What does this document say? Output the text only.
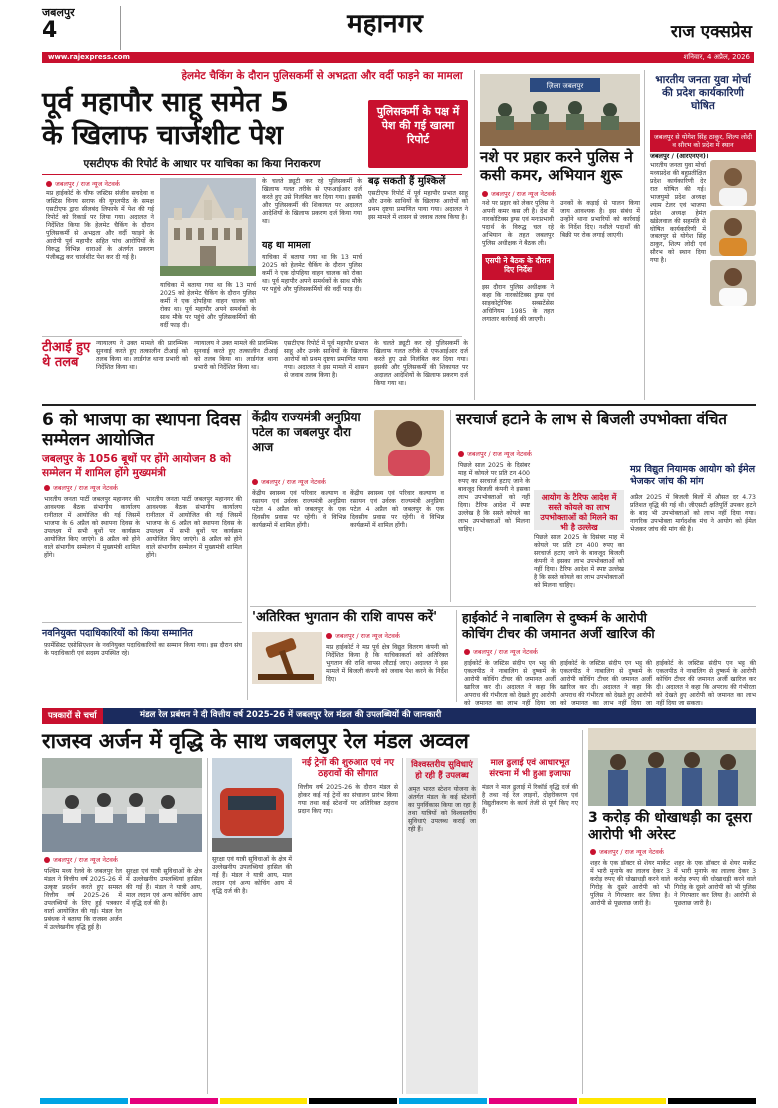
जबलपुर
4	महानगर	राज एक्सप्रेस
www.rajexpress.com	शनिवार, 4 अप्रैल, 2026
हेलमेट चैकिंग के दौरान पुलिसकर्मी से अभद्रता और वर्दी फाड़ने का मामला
पूर्व महापौर साहू समेत 5
के खिलाफ चार्जशीट पेश
पुलिसकर्मी के पक्ष में पेश की गई खात्मा रिपोर्ट
एसटीएफ की रिपोर्ट के आधार पर याचिका का किया निराकरण
जबलपुर / राज न्यूज नेटवर्क
मप्र हाईकोर्ट के चीफ जस्टिस संजीव सचदेवा व जस्टिस विनय सराफ की युगलपीठ के समक्ष एसटीएफ द्वारा सीलबंद लिफाफे में पेश की गई रिपोर्ट को रिकार्ड पर लिया गया। अदालत ने निर्देशित किया कि हेलमेट चैकिंग के दौरान पुलिसकर्मी से अभद्रता और वर्दी फाड़ने के आरोपी पूर्व महापौर सहित पांच आरोपियों के विरुद्ध विभिन्न धाराओं के अंतर्गत प्रकरण पंजीबद्ध कर चार्जशीट पेश कर दी गई है।
याचिका में बताया गया था कि 13 मार्च 2025 को हेलमेट चैकिंग के दौरान पुलिस कर्मी ने एक दोपहिया वाहन चालक को रोका था। पूर्व महापौर अपने समर्थकों के साथ मौके पर पहुंचे और पुलिसकर्मियों की वर्दी फाड़ दी।
के चलते ड्यूटी कर रहे पुलिसकर्मी के खिलाफ गलत तरीके से एफआईआर दर्ज करते हुए उसे निलंबित कर दिया गया। इसकी और पुलिसकर्मी की शिकायत पर अदालत आदेशियों के खिलाफ प्रकरण दर्ज किया गया था।
यह था मामला
याचिका में बताया गया था कि 13 मार्च 2025 को हेलमेट चैकिंग के दौरान पुलिस कर्मी ने एक दोपहिया वाहन चालक को रोका था। पूर्व महापौर अपने समर्थकों के साथ मौके पर पहुंचे और पुलिसकर्मियों की वर्दी फाड़ दी।
बढ़ सकती हैं मुश्किलें
एसटीएफ रिपोर्ट में पूर्व महापौर प्रभात साहू और उनके साथियों के खिलाफ आरोपों को प्रथम दृष्टया प्रमाणित पाया गया। अदालत ने इस मामले में शासन से जवाब तलब किया है।
टीआई हुए थे तलब
न्यायालय ने उक्त मामले की प्रारम्भिक सुनवाई करते हुए तत्कालीन टीआई को तलब किया था। लार्डगंज थाना प्रभारी को निर्देशित किया था।
न्यायालय ने उक्त मामले की प्रारम्भिक सुनवाई करते हुए तत्कालीन टीआई को तलब किया था। लार्डगंज थाना प्रभारी को निर्देशित किया था।
एसटीएफ रिपोर्ट में पूर्व महापौर प्रभात साहू और उनके साथियों के खिलाफ आरोपों को प्रथम दृष्टया प्रमाणित पाया गया। अदालत ने इस मामले में शासन से जवाब तलब किया है।
के चलते ड्यूटी कर रहे पुलिसकर्मी के खिलाफ गलत तरीके से एफआईआर दर्ज करते हुए उसे निलंबित कर दिया गया। इसकी और पुलिसकर्मी की शिकायत पर अदालत आदेशियों के खिलाफ प्रकरण दर्ज किया गया था।
ज़िला जबलपुर
नशे पर प्रहार करने पुलिस ने कसी कमर, अभियान शुरू
जबलपुर / राज न्यूज नेटवर्क
नशे पर प्रहार को लेकर पुलिस ने अपनी कमर कस ली है। देश में नारकोटिक्स ड्रग्स एवं मनःप्रभावी पदार्थ के विरुद्ध चल रहे अभियान के तहत जबलपुर पुलिस अधीक्षक ने बैठक ली।
एसपी ने बैठक के दौरान दिए निर्देश
इस दौरान पुलिस अधीक्षक ने कहा कि नारकोटिक्स ड्रग्स एवं साइकोट्रोपिक सब्सटेंसेस अधिनियम 1985 के तहत लगातार कार्रवाई की जाएगी।
उनकों के कड़ाई से पालन किया जाय आवश्यक है। इस संबंध में उन्होंने थाना प्रभारियों को कार्रवाई के निर्देश दिए। नशीले पदार्थों की बिक्री पर रोक लगाई जाएगी।
भारतीय जनता युवा मोर्चा की प्रदेश कार्यकारिणी घोषित
जबलपुर से योगेश सिंह ठाकुर, शिल्प लोदी व सौरभ को प्रदेश में स्थान
जबलपुर / (आरएनएन)।
भारतीय जनता युवा मोर्चा मध्यप्रदेश की बहुप्रतीक्षित प्रदेश कार्यकारिणी देर रात घोषित की गई। भाजयुमो प्रदेश अध्यक्ष श्याम टेलर एवं भाजपा प्रदेश अध्यक्ष हेमंत खंडेलवाल की सहमति से घोषित कार्यकारिणी में जबलपुर से योगेश सिंह ठाकुर, शिल्प लोदी एवं सौरभ को स्थान दिया गया है।
6 को भाजपा का स्थापना दिवस सम्मेलन आयोजित
जबलपुर के 1056 बूथों पर होंगे आयोजन 8 को सम्मेलन में शामिल होंगे मुख्यमंत्री
जबलपुर / राज न्यूज नेटवर्क
भारतीय जनता पार्टी जबलपुर महानगर की आवश्यक बैठक संभागीय कार्यालय रानीताल में आयोजित की गई जिसमें भाजपा के 6 अप्रैल को स्थापना दिवस के उपलक्ष्य में सभी बूथों पर कार्यक्रम आयोजित किए जाएंगे। 8 अप्रैल को होने वाले संभागीय सम्मेलन में मुख्यमंत्री शामिल होंगे।
भारतीय जनता पार्टी जबलपुर महानगर की आवश्यक बैठक संभागीय कार्यालय रानीताल में आयोजित की गई जिसमें भाजपा के 6 अप्रैल को स्थापना दिवस के उपलक्ष्य में सभी बूथों पर कार्यक्रम आयोजित किए जाएंगे। 8 अप्रैल को होने वाले संभागीय सम्मेलन में मुख्यमंत्री शामिल होंगे।
नवनियुक्त पदाधिकारियों को किया सम्मानित
फ़ार्मेसिस्ट एसोसिएशन के नवनियुक्त पदाधिकारियों का सम्मान किया गया। इस दौरान संघ के पदाधिकारी एवं सदस्य उपस्थित रहे।
केंद्रीय राज्यमंत्री अनुप्रिया पटेल का जबलपुर दौरा आज
जबलपुर / राज न्यूज नेटवर्क
केंद्रीय स्वास्थ्य एवं परिवार कल्याण व रसायन एवं उर्वरक राज्यमंत्री अनुप्रिया पटेल 4 अप्रैल को जबलपुर के एक दिवसीय प्रवास पर रहेंगी। वे विभिन्न कार्यक्रमों में शामिल होंगी।
केंद्रीय स्वास्थ्य एवं परिवार कल्याण व रसायन एवं उर्वरक राज्यमंत्री अनुप्रिया पटेल 4 अप्रैल को जबलपुर के एक दिवसीय प्रवास पर रहेंगी। वे विभिन्न कार्यक्रमों में शामिल होंगी।
सरचार्ज हटाने के लाभ से बिजली उपभोक्ता वंचित
जबलपुर / राज न्यूज नेटवर्क
पिछले साल 2025 के दिसंबर माह में कोयले पर प्रति टन 400 रुपए का सरचार्ज हटाए जाने के बावजूद बिजली कंपनी ने इसका लाभ उपभोक्ताओं को नहीं दिया। टैरिफ आदेश में स्पष्ट उल्लेख है कि सस्ते कोयले का लाभ उपभोक्ताओं को मिलना चाहिए।
आयोग के टैरिफ आदेश में सस्ते कोयले का लाभ उपभोक्ताओं को मिलने का भी है उल्लेख
पिछले साल 2025 के दिसंबर माह में कोयले पर प्रति टन 400 रुपए का सरचार्ज हटाए जाने के बावजूद बिजली कंपनी ने इसका लाभ उपभोक्ताओं को नहीं दिया। टैरिफ आदेश में स्पष्ट उल्लेख है कि सस्ते कोयले का लाभ उपभोक्ताओं को मिलना चाहिए।
मप्र विद्युत नियामक आयोग को ईमेल भेजकर जांच की मांग
अप्रैल 2025 में बिजली बिलों में औसत दर 4.73 प्रतिशत वृद्धि की गई थी। जीएसटी क्षतिपूर्ति उपकर हटने के बाद भी उपभोक्ताओं को लाभ नहीं दिया गया। नागरिक उपभोक्ता मार्गदर्शक मंच ने आयोग को ईमेल भेजकर जांच की मांग की है।
'अतिरिक्त भुगतान की राशि वापस करें'
जबलपुर / राज न्यूज नेटवर्क
मप्र हाईकोर्ट ने मप्र पूर्व क्षेत्र विद्युत वितरण कंपनी को निर्देशित किया है कि याचिकाकर्ता को अतिरिक्त भुगतान की राशि वापस लौटाई जाए। अदालत ने इस मामले में बिजली कंपनी को जवाब पेश करने के निर्देश दिए।
हाईकोर्ट ने नाबालिग से दुष्कर्म के आरोपी
कोचिंग टीचर की जमानत अर्जी खारिज की
जबलपुर / राज न्यूज नेटवर्क
हाईकोर्ट के जस्टिस संदीप एन भट्ट की एकलपीठ ने नाबालिग से दुष्कर्म के आरोपी कोचिंग टीचर की जमानत अर्जी खारिज कर दी। अदालत ने कहा कि अपराध की गंभीरता को देखते हुए आरोपी को जमानत का लाभ नहीं दिया जा
हाईकोर्ट के जस्टिस संदीप एन भट्ट की एकलपीठ ने नाबालिग से दुष्कर्म के आरोपी कोचिंग टीचर की जमानत अर्जी खारिज कर दी। अदालत ने कहा कि अपराध की गंभीरता को देखते हुए आरोपी को जमानत का लाभ नहीं दिया जा
हाईकोर्ट के जस्टिस संदीप एन भट्ट की एकलपीठ ने नाबालिग से दुष्कर्म के आरोपी कोचिंग टीचर की जमानत अर्जी खारिज कर दी। अदालत ने कहा कि अपराध की गंभीरता को देखते हुए आरोपी को जमानत का लाभ नहीं दिया जा सकता।
पत्रकारों से चर्चा	मंडल रेल प्रबंधन ने दी वित्तीय वर्ष 2025-26 में जबलपुर रेल मंडल की उपलब्धियों की जानकारी
राजस्व अर्जन में वृद्धि के साथ जबलपुर रेल मंडल अव्वल
जबलपुर / राज न्यूज नेटवर्क
पश्चिम मध्य रेलवे के जबलपुर रेल मंडल ने वित्तीय वर्ष 2025-26 में उत्कृष्ट प्रदर्शन करते हुए समस्त वित्तीय वर्ष 2025-26 में उपलब्धियों के लिए हुई पत्रकार वार्ता आयोजित की गई। मंडल रेल प्रबंधक ने बताया कि राजस्व अर्जन में उल्लेखनीय वृद्धि हुई है।
सुरक्षा एवं यात्री सुविधाओं के क्षेत्र में उल्लेखनीय उपलब्धियां हासिल की गई हैं। मंडल ने यात्री आय, माल लदान एवं अन्य कोचिंग आय में वृद्धि दर्ज की है।
सुरक्षा एवं यात्री सुविधाओं के क्षेत्र में उल्लेखनीय उपलब्धियां हासिल की गई हैं। मंडल ने यात्री आय, माल लदान एवं अन्य कोचिंग आय में वृद्धि दर्ज की है।
नई ट्रेनों की शुरुआत एवं नए ठहरावों की सौगात
वित्तीय वर्ष 2025-26 के दौरान मंडल से होकर कई नई ट्रेनों का संचालन प्रारंभ किया गया तथा कई स्टेशनों पर अतिरिक्त ठहराव प्रदान किए गए।
विश्वस्तरीय सुविधाएं हो रही हैं उपलब्ध
अमृत भारत स्टेशन योजना के अंतर्गत मंडल के कई स्टेशनों का पुनर्विकास किया जा रहा है तथा यात्रियों को विश्वस्तरीय सुविधाएं उपलब्ध कराई जा रही हैं।
माल ढुलाई एवं आधारभूत संरचना में भी हुआ इजाफा
मंडल ने माल ढुलाई में रिकॉर्ड वृद्धि दर्ज की है तथा नई रेल लाइनों, दोहरीकरण एवं विद्युतीकरण के कार्य तेजी से पूर्ण किए गए हैं।	3 करोड़ की धोखाधड़ी का दूसरा आरोपी भी अरेस्ट
जबलपुर / राज न्यूज नेटवर्क
शहर के एक डॉक्टर से शेयर मार्केट में भारी मुनाफे का लालच देकर 3 करोड़ रुपए की धोखाधड़ी करने वाले गिरोह के दूसरे आरोपी को भी पुलिस ने गिरफ्तार कर लिया है। आरोपी से पूछताछ जारी है।
शहर के एक डॉक्टर से शेयर मार्केट में भारी मुनाफे का लालच देकर 3 करोड़ रुपए की धोखाधड़ी करने वाले गिरोह के दूसरे आरोपी को भी पुलिस ने गिरफ्तार कर लिया है। आरोपी से पूछताछ जारी है।
